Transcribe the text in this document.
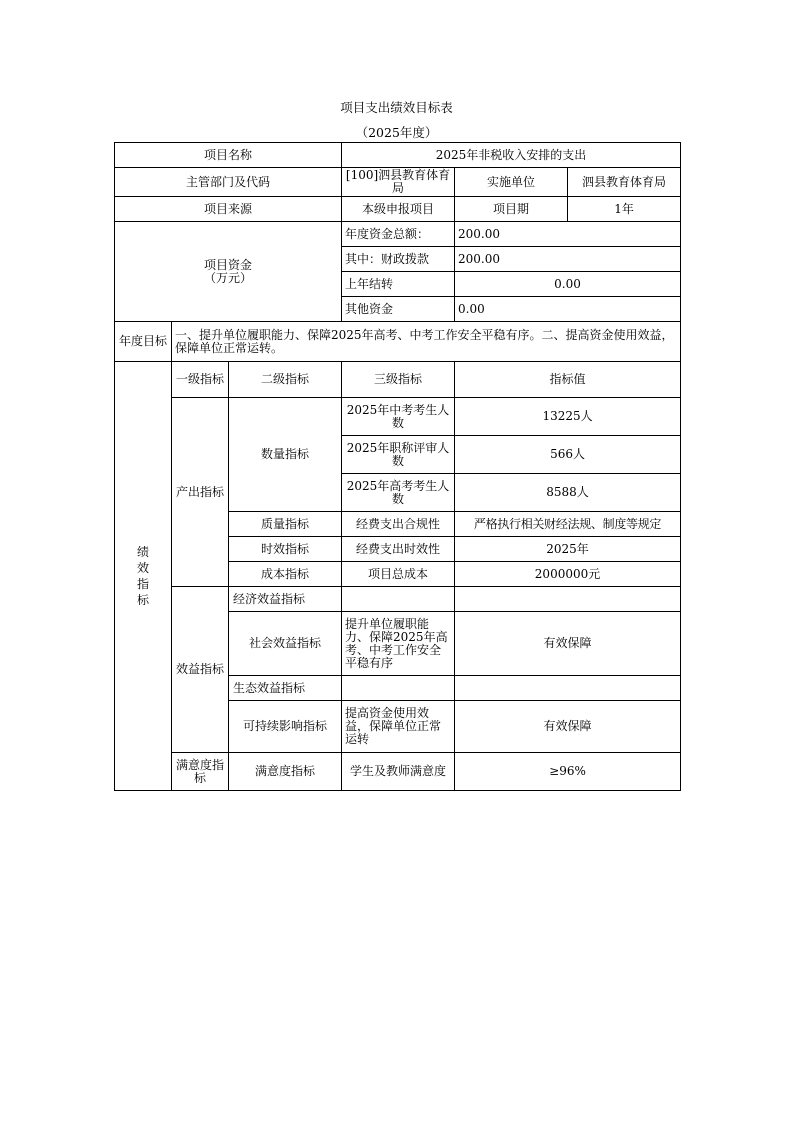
项目支出绩效目标表
（2025年度）
项目名称			2025年非税收入安排的支出		
主管部门及代码			[100]泗县教育体育局	实施单位	泗县教育体育局
项目来源			本级申报项目	项目期	1年

项目资金
（万元）			年度资金总额：	200.00	
			其中：财政拨款	200.00	
			上年结转	0.00	
			其他资金	0.00	
年度目标	一、提升单位履职能力、保障2025年高考、中考工作安全平稳有序。二、提高资金使用效益，保障单位正常运转。				

绩效指标	一级指标	二级指标	三级指标	指标值	
	产出指标	数量指标	2025年中考考生人数	13225人	
			2025年职称评审人数	566人	
			2025年高考考生人数	8588人	
		质量指标	经费支出合规性	严格执行相关财经法规、制度等规定	
		时效指标	经费支出时效性	2025年	
		成本指标	项目总成本	2000000元	
	效益指标	经济效益指标			
		社会效益指标	提升单位履职能力、保障2025年高考、中考工作安全平稳有序	有效保障	
		生态效益指标			
		可持续影响指标	提高资金使用效益，保障单位正常运转	有效保障	
	满意度指标	满意度指标	学生及教师满意度	≥96%	
